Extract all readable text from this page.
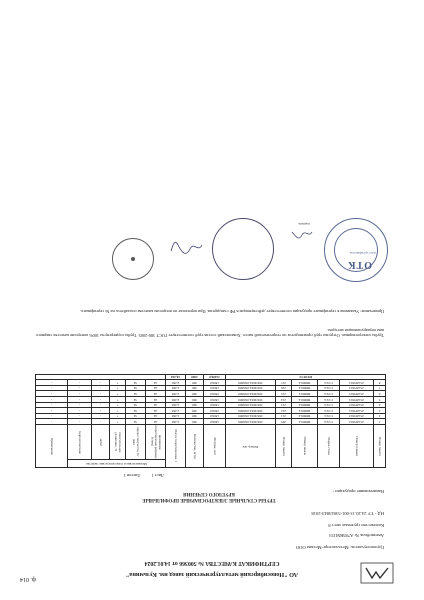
ф. 014
АО "Новосибирский металлургический завод им. Кузьмина"
СЕРТИФИКАТ КАЧЕСТВА № 500366 от 14.01.2024
Грузополучатель: Металлоторг-Москва ООО
Автомобиль № А785ВМ153
Количество грузовых мест 8
НД - ТУ 24.20.13-001-53843843-2018
Наименование продукции -
ТРУБЫ СТАЛЬНЫЕ ЭЛЕКТРОСВАРНЫЕ ПРОФИЛЬНЫЕ
КРУГЛОГО СЕЧЕНИЯ
Лист 1 Листов 1
Номер пакета	Номер плавки	Марка стали	Номер заказа	Номер пакета	Размер, мм	Метраж, м/п	Количество, штук	Масса теоретическая, т	Механические и технологические свойства					Примечание

									временное сопротивление разрыву, Н/мм2	предел текучести, Н/мм2	относительное удлинение, %	загиб	гидроиспытание	

1	231205813	Ст3сп	9800014	205	30Х30Х2,0Х6000	1800,0	300	2,283	44	34	+	-	-	-
2	231205813	Ст3сп	9800014	211	30Х30Х2,0Х6000	1800,0	300	2,283	44	34	+	-	-	-
3	231205813	Ст3сп	9800014	212	30Х30Х2,0Х6000	1800,0	300	2,283	44	34	+	-	-	-
4	231205813	Ст3сп	9800014	213	30Х30Х2,0Х6000	1800,0	300	2,283	44	34	+	-	-	-
5	231205813	Ст3сп	9800014	214	30Х30Х2,0Х6000	1800,0	300	2,283	44	34	+	-	-	-
6	231205813	Ст3сп	9800014	215	30Х30Х2,0Х6000	1800,0	300	2,283	44	34	+	-	-	-
7	231205813	Ст3сп	9800014	216	30Х30Х2,0Х6000	1800,0	300	2,283	44	34	+	-	-	-
8	231205813	Ст3сп	9800014	217	30Х30Х2,0Х6000	1800,0	300	2,283	44	34	+	-	-	-
ИТОГО:						14400,0	2400	18,264						
Трубы электросварные. Отгрузка труб производится по теоретической массе. Химический состав труб соответствует ГОСТ 380-2005. Трубы подвергнуты 100% контролю качества сварного шва неразрушающим методом.
Примечание: Указанная в сертификате продукция соответствует действующим в РФ стандартам. При переписке по вопросам качества ссылайтесь на № сертификата.
ОТК
Для сертификатов
подпись
